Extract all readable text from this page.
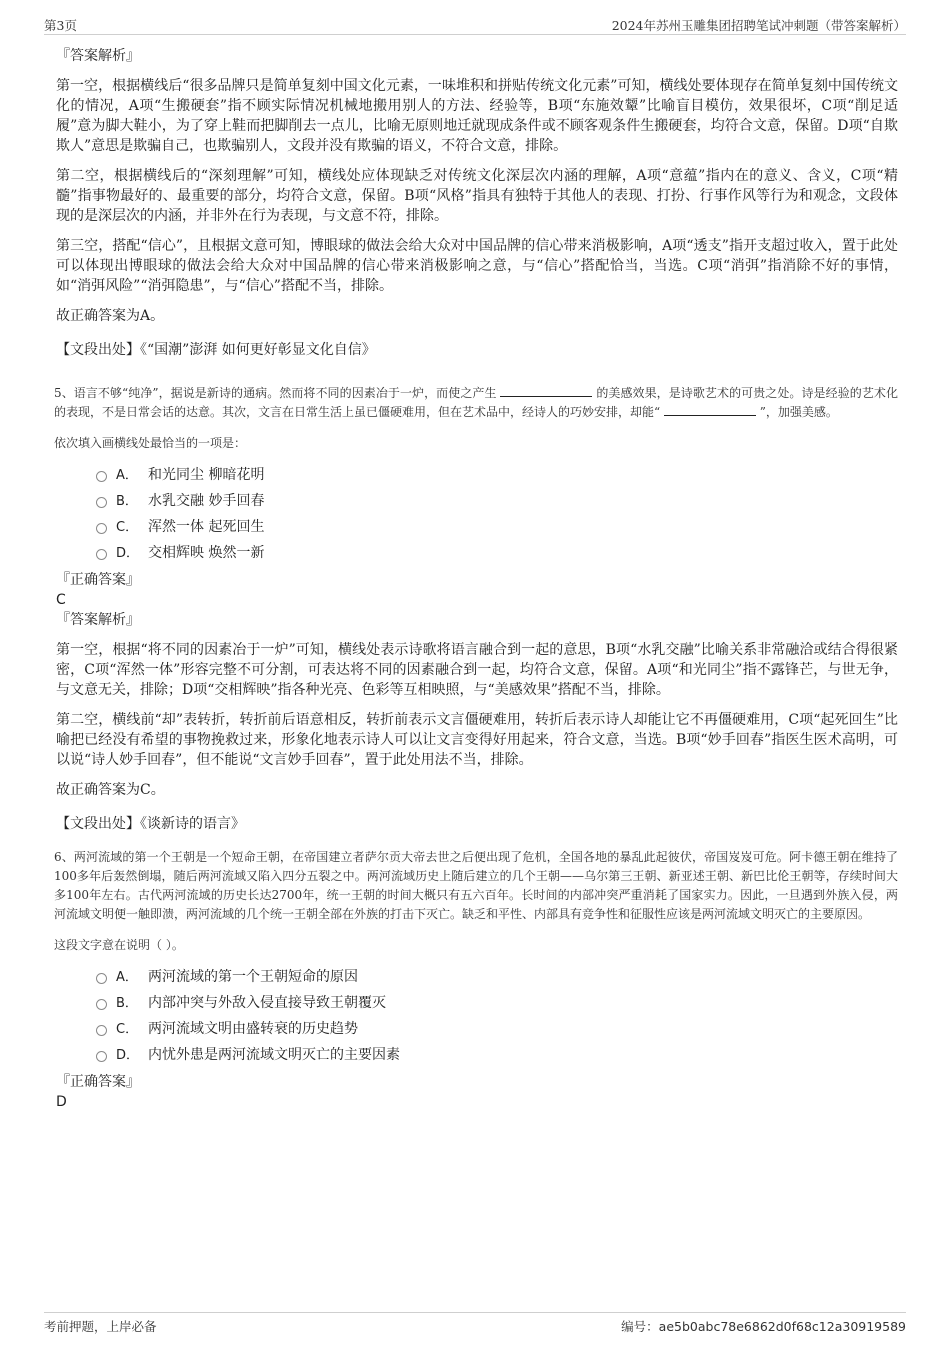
第3页	2024年苏州玉雕集团招聘笔试冲刺题（带答案解析）

『答案解析』

第一空，根据横线后“很多品牌只是简单复刻中国文化元素，一味堆积和拼贴传统文化元素”可知，横线处要体现存在简单复刻中国传统文化的情况，A项“生搬硬套”指不顾实际情况机械地搬用别人的方法、经验等，B项“东施效颦”比喻盲目模仿，效果很坏，C项“削足适履”意为脚大鞋小，为了穿上鞋而把脚削去一点儿，比喻无原则地迁就现成条件或不顾客观条件生搬硬套，均符合文意，保留。D项“自欺欺人”意思是欺骗自己，也欺骗别人，文段并没有欺骗的语义，不符合文意，排除。

第二空，根据横线后的“深刻理解”可知，横线处应体现缺乏对传统文化深层次内涵的理解，A项“意蕴”指内在的意义、含义，C项“精髓”指事物最好的、最重要的部分，均符合文意，保留。B项“风格”指具有独特于其他人的表现、打扮、行事作风等行为和观念，文段体现的是深层次的内涵，并非外在行为表现，与文意不符，排除。

第三空，搭配“信心”，且根据文意可知，博眼球的做法会给大众对中国品牌的信心带来消极影响，A项“透支”指开支超过收入，置于此处可以体现出博眼球的做法会给大众对中国品牌的信心带来消极影响之意，与“信心”搭配恰当，当选。C项“消弭”指消除不好的事情，如“消弭风险”“消弭隐患”，与“信心”搭配不当，排除。

故正确答案为A。

【文段出处】《“国潮”澎湃 如何更好彰显文化自信》

5、语言不够“纯净”，据说是新诗的通病。然而将不同的因素冶于一炉，而使之产生	的美感效果，是诗歌艺术的可贵之处。诗是经验的艺术化的表现，不是日常会话的达意。其次，文言在日常生活上虽已僵硬难用，但在艺术品中，经诗人的巧妙安排，却能“	”，加强美感。

依次填入画横线处最恰当的一项是：

A． 和光同尘 柳暗花明
B． 水乳交融 妙手回春
C． 浑然一体 起死回生
D． 交相辉映 焕然一新

『正确答案』

C

『答案解析』

第一空，根据“将不同的因素冶于一炉”可知，横线处表示诗歌将语言融合到一起的意思，B项“水乳交融”比喻关系非常融洽或结合得很紧密，C项“浑然一体”形容完整不可分割，可表达将不同的因素融合到一起，均符合文意，保留。A项“和光同尘”指不露锋芒，与世无争，与文意无关，排除；D项“交相辉映”指各种光亮、色彩等互相映照，与“美感效果”搭配不当，排除。

第二空，横线前“却”表转折，转折前后语意相反，转折前表示文言僵硬难用，转折后表示诗人却能让它不再僵硬难用，C项“起死回生”比喻把已经没有希望的事物挽救过来，形象化地表示诗人可以让文言变得好用起来，符合文意，当选。B项“妙手回春”指医生医术高明，可以说“诗人妙手回春”，但不能说“文言妙手回春”，置于此处用法不当，排除。

故正确答案为C。

【文段出处】《谈新诗的语言》

6、两河流域的第一个王朝是一个短命王朝，在帝国建立者萨尔贡大帝去世之后便出现了危机，全国各地的暴乱此起彼伏，帝国岌岌可危。阿卡德王朝在维持了100多年后轰然倒塌，随后两河流域又陷入四分五裂之中。两河流域历史上随后建立的几个王朝——乌尔第三王朝、新亚述王朝、新巴比伦王朝等，存续时间大多100年左右。古代两河流域的历史长达2700年，统一王朝的时间大概只有五六百年。长时间的内部冲突严重消耗了国家实力。因此，一旦遇到外族入侵，两河流域文明便一触即溃，两河流域的几个统一王朝全部在外族的打击下灭亡。缺乏和平性、内部具有竞争性和征服性应该是两河流域文明灭亡的主要原因。

这段文字意在说明（ ）。

A． 两河流域的第一个王朝短命的原因
B． 内部冲突与外敌入侵直接导致王朝覆灭
C． 两河流域文明由盛转衰的历史趋势
D． 内忧外患是两河流域文明灭亡的主要因素

『正确答案』

D

考前押题，上岸必备	编号：ae5b0abc78e6862d0f68c12a30919589
